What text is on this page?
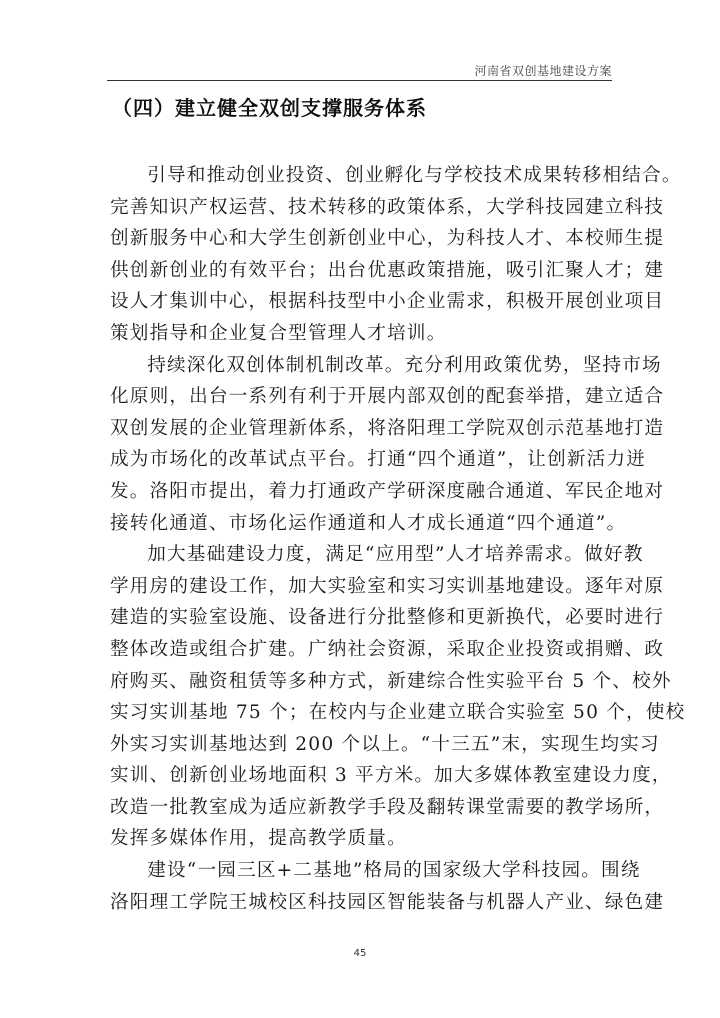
河南省双创基地建设方案
（四）建立健全双创支撑服务体系

引导和推动创业投资、创业孵化与学校技术成果转移相结合。
完善知识产权运营、技术转移的政策体系，大学科技园建立科技
创新服务中心和大学生创新创业中心，为科技人才、本校师生提
供创新创业的有效平台；出台优惠政策措施，吸引汇聚人才；建
设人才集训中心，根据科技型中小企业需求，积极开展创业项目
策划指导和企业复合型管理人才培训。

持续深化双创体制机制改革。充分利用政策优势，坚持市场
化原则，出台一系列有利于开展内部双创的配套举措，建立适合
双创发展的企业管理新体系，将洛阳理工学院双创示范基地打造
成为市场化的改革试点平台。打通“四个通道”，让创新活力迸
发。洛阳市提出，着力打通政产学研深度融合通道、军民企地对
接转化通道、市场化运作通道和人才成长通道“四个通道”。

加大基础建设力度，满足“应用型”人才培养需求。做好教
学用房的建设工作，加大实验室和实习实训基地建设。逐年对原
建造的实验室设施、设备进行分批整修和更新换代，必要时进行
整体改造或组合扩建。广纳社会资源，采取企业投资或捐赠、政
府购买、融资租赁等多种方式，新建综合性实验平台 5 个、校外
实习实训基地 75 个；在校内与企业建立联合实验室 50 个，使校
外实习实训基地达到 200 个以上。“十三五”末，实现生均实习
实训、创新创业场地面积 3 平方米。加大多媒体教室建设力度，
改造一批教室成为适应新教学手段及翻转课堂需要的教学场所，
发挥多媒体作用，提高教学质量。

建设“一园三区+二基地”格局的国家级大学科技园。围绕
洛阳理工学院王城校区科技园区智能装备与机器人产业、绿色建

45
